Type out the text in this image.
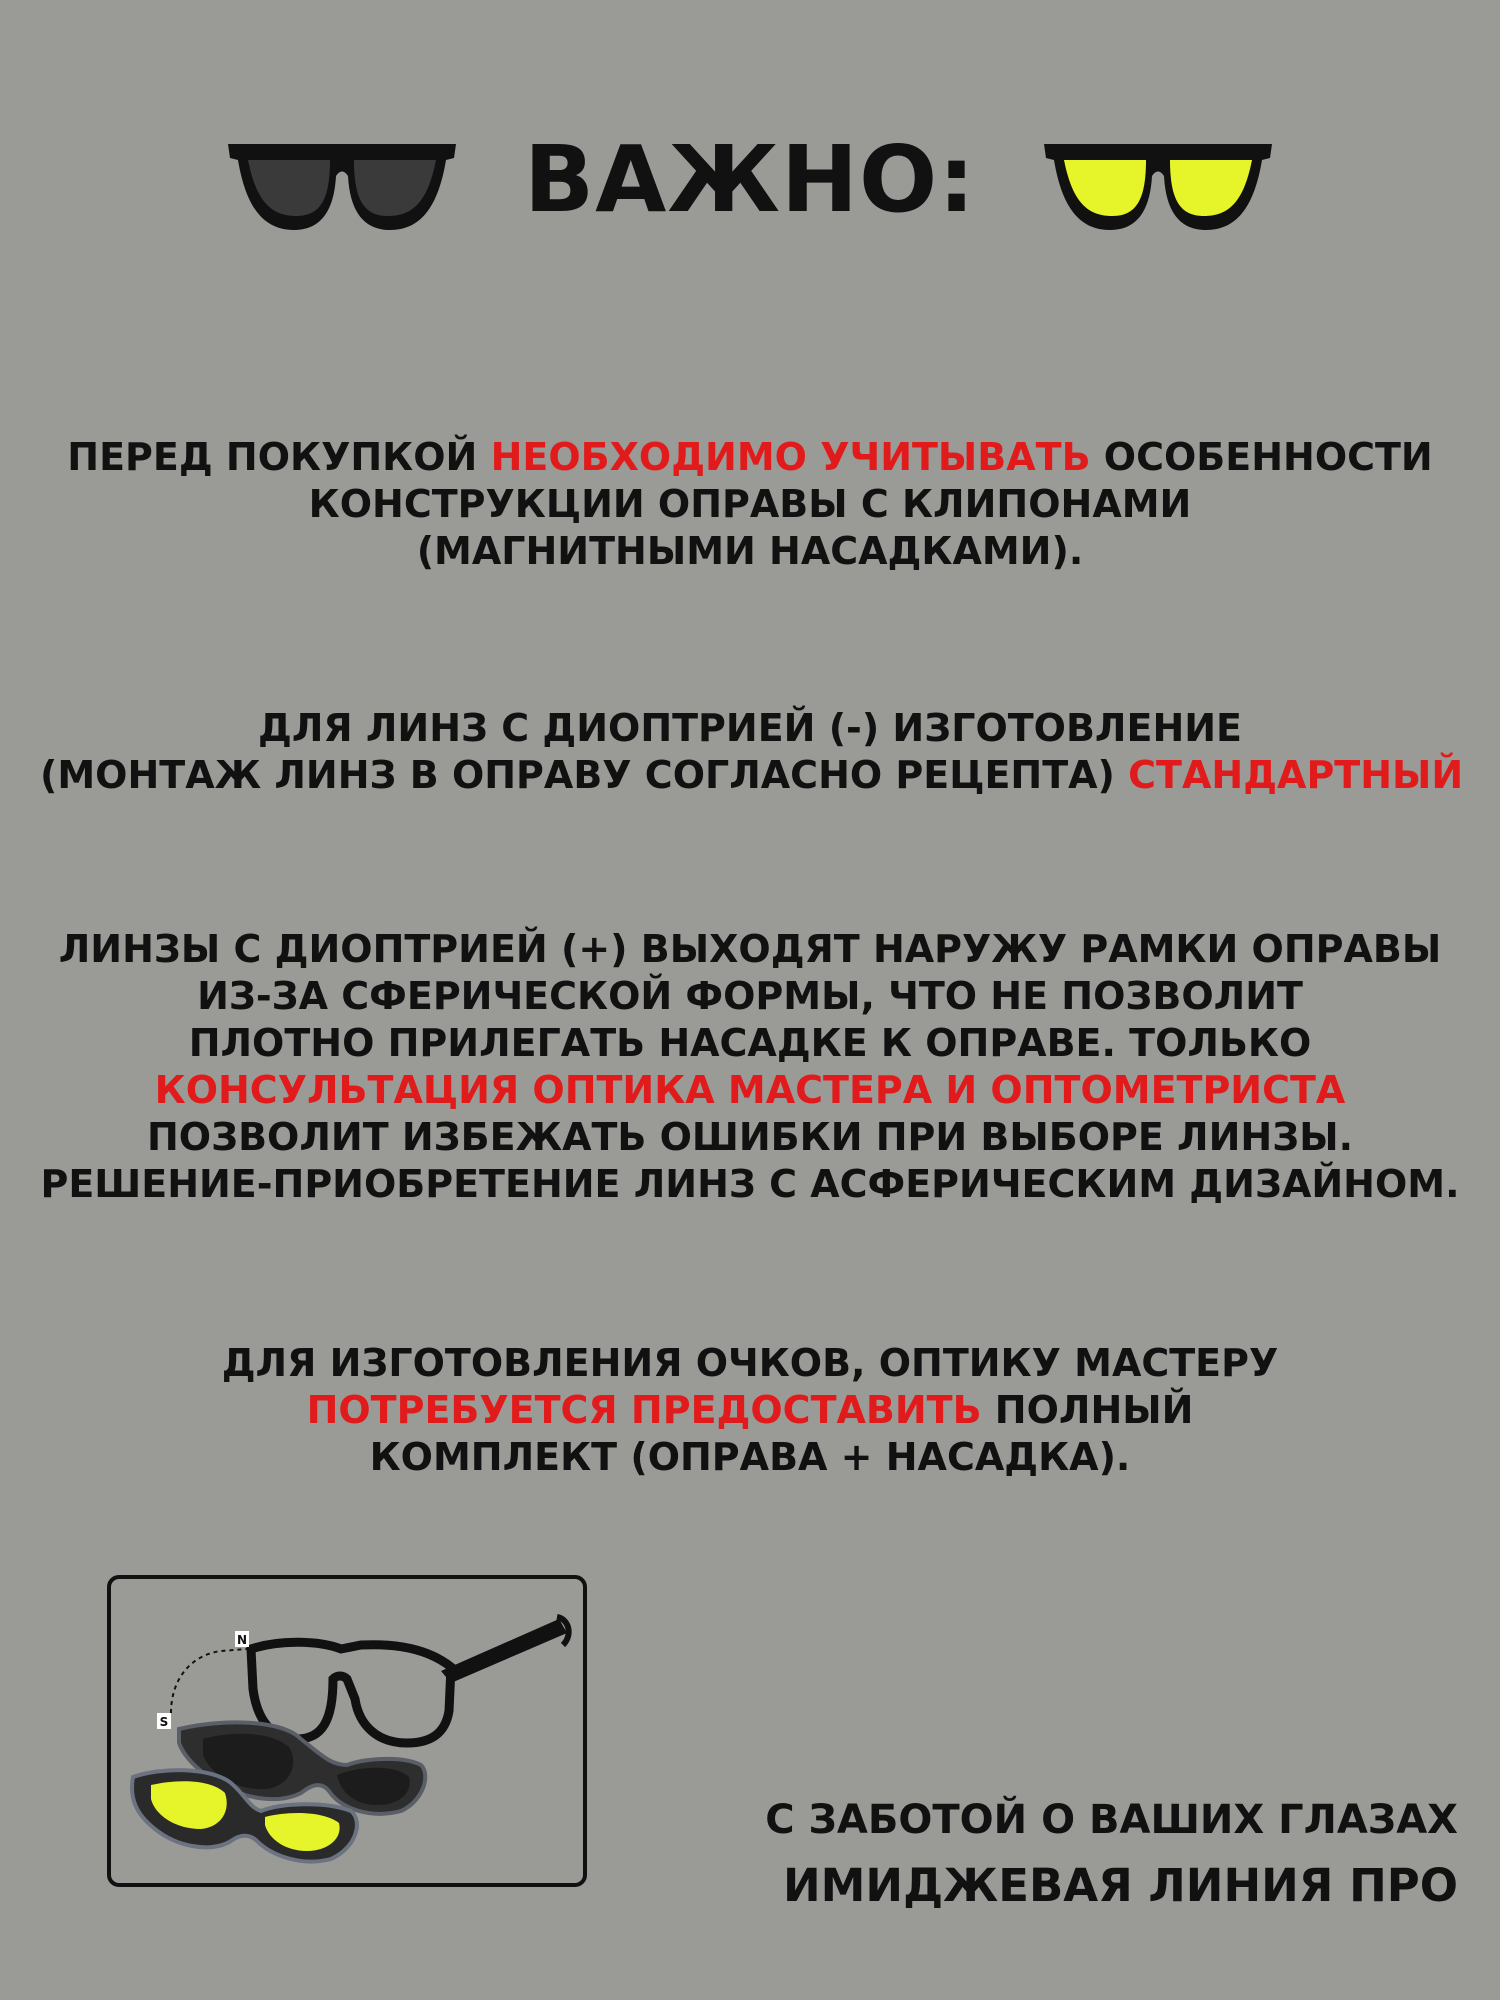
ВАЖНО:
ПЕРЕД ПОКУПКОЙ НЕОБХОДИМО УЧИТЫВАТЬ ОСОБЕННОСТИ
КОНСТРУКЦИИ ОПРАВЫ С КЛИПОНАМИ
(МАГНИТНЫМИ НАСАДКАМИ).
ДЛЯ ЛИНЗ С ДИОПТРИЕЙ (-) ИЗГОТОВЛЕНИЕ
(МОНТАЖ ЛИНЗ В ОПРАВУ СОГЛАСНО РЕЦЕПТА) СТАНДАРТНЫЙ
ЛИНЗЫ С ДИОПТРИЕЙ (+) ВЫХОДЯТ НАРУЖУ РАМКИ ОПРАВЫ
ИЗ-ЗА СФЕРИЧЕСКОЙ ФОРМЫ, ЧТО НЕ ПОЗВОЛИТ
ПЛОТНО ПРИЛЕГАТЬ НАСАДКЕ К ОПРАВЕ. ТОЛЬКО
КОНСУЛЬТАЦИЯ ОПТИКА МАСТЕРА И ОПТОМЕТРИСТА
ПОЗВОЛИТ ИЗБЕЖАТЬ ОШИБКИ ПРИ ВЫБОРЕ ЛИНЗЫ.
РЕШЕНИЕ-ПРИОБРЕТЕНИЕ ЛИНЗ С АСФЕРИЧЕСКИМ ДИЗАЙНОМ.
ДЛЯ ИЗГОТОВЛЕНИЯ ОЧКОВ, ОПТИКУ МАСТЕРУ
ПОТРЕБУЕТСЯ ПРЕДОСТАВИТЬ ПОЛНЫЙ
КОМПЛЕКТ (ОПРАВА + НАСАДКА).
N
S
С ЗАБОТОЙ О ВАШИХ ГЛАЗАХ
ИМИДЖЕВАЯ ЛИНИЯ ПРО
